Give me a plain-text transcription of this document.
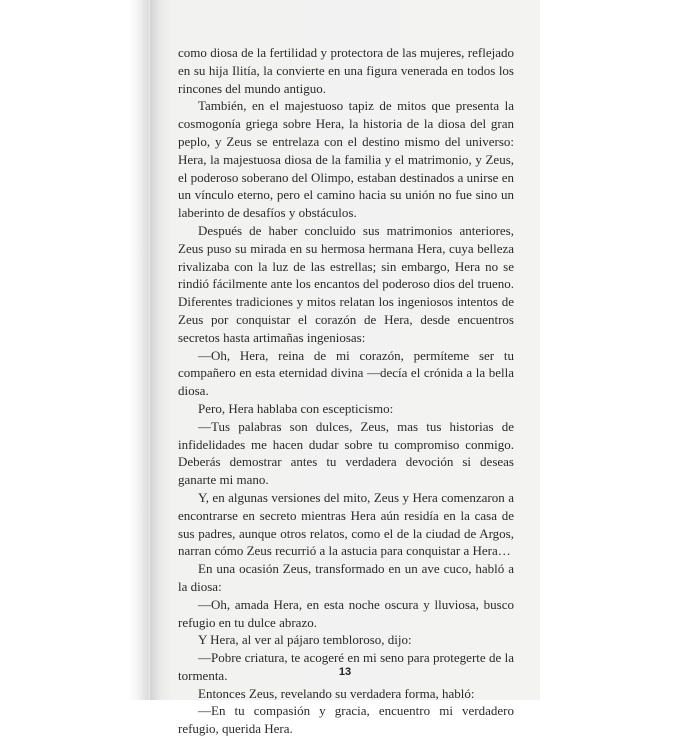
como diosa de la fertilidad y protectora de las mujeres, reflejado en su hija Ilitía, la convierte en una figura venerada en todos los rincones del mundo antiguo.

También, en el majestuoso tapiz de mitos que presenta la cosmogonía griega sobre Hera, la historia de la diosa del gran peplo, y Zeus se entrelaza con el destino mismo del universo: Hera, la majestuosa diosa de la familia y el matrimonio, y Zeus, el poderoso soberano del Olimpo, estaban destinados a unirse en un vínculo eterno, pero el camino hacia su unión no fue sino un laberinto de desafíos y obstáculos.

Después de haber concluido sus matrimonios anteriores, Zeus puso su mirada en su hermosa hermana Hera, cuya belleza rivalizaba con la luz de las estrellas; sin embargo, Hera no se rindió fácilmente ante los encantos del poderoso dios del trueno. Diferentes tradiciones y mitos relatan los ingeniosos intentos de Zeus por conquistar el corazón de Hera, desde encuentros secretos hasta artimañas ingeniosas:

—Oh, Hera, reina de mi corazón, permíteme ser tu compañero en esta eternidad divina —decía el crónida a la bella diosa.

Pero, Hera hablaba con escepticismo:

—Tus palabras son dulces, Zeus, mas tus historias de infidelidades me hacen dudar sobre tu compromiso conmigo. Deberás demostrar antes tu verdadera devoción si deseas ganarte mi mano.

Y, en algunas versiones del mito, Zeus y Hera comenzaron a encontrarse en secreto mientras Hera aún residía en la casa de sus padres, aunque otros relatos, como el de la ciudad de Argos, narran cómo Zeus recurrió a la astucia para conquistar a Hera…

En una ocasión Zeus, transformado en un ave cuco, habló a la diosa:

—Oh, amada Hera, en esta noche oscura y lluviosa, busco refugio en tu dulce abrazo.

Y Hera, al ver al pájaro tembloroso, dijo:

—Pobre criatura, te acogeré en mi seno para protegerte de la tormenta.

Entonces Zeus, revelando su verdadera forma, habló:

—En tu compasión y gracia, encuentro mi verdadero refugio, querida Hera.

13
